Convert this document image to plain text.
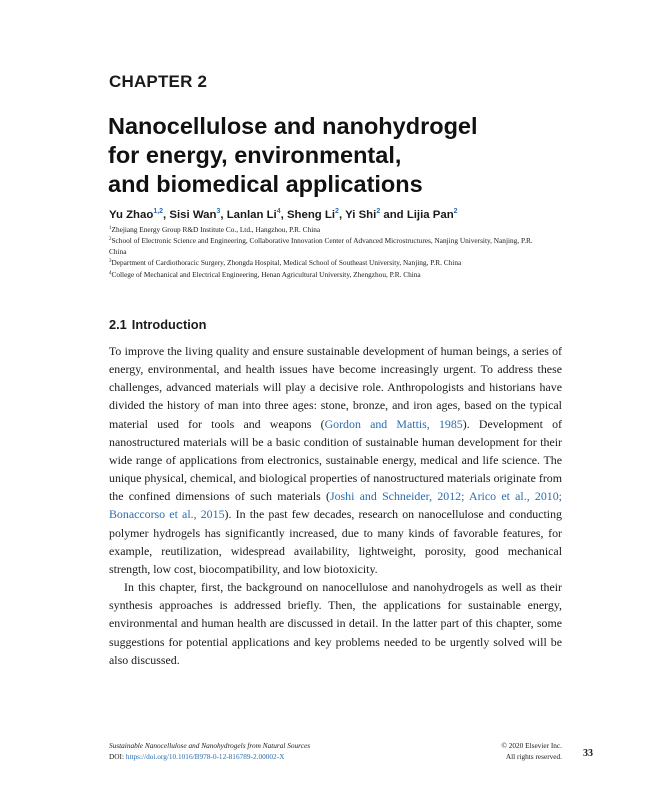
CHAPTER 2
Nanocellulose and nanohydrogel
for energy, environmental,
and biomedical applications
Yu Zhao$^{1,2}$, Sisi Wan$^3$, Lanlan Li$^4$, Sheng Li$^2$, Yi Shi$^2$ and Lijia Pan$^2$
$^1$Zhejiang Energy Group R&D Institute Co., Ltd., Hangzhou, P.R. China
$^2$School of Electronic Science and Engineering, Collaborative Innovation Center of Advanced Microstructures, Nanjing University, Nanjing, P.R. China
$^3$Department of Cardiothoracic Surgery, Zhongda Hospital, Medical School of Southeast University, Nanjing, P.R. China
$^4$College of Mechanical and Electrical Engineering, Henan Agricultural University, Zhengzhou, P.R. China
2.1 Introduction

To improve the living quality and ensure sustainable development of human beings, a series of energy, environmental, and health issues have become increasingly urgent. To address these challenges, advanced materials will play a decisive role. Anthropologists and historians have divided the history of man into three ages: stone, bronze, and iron ages, based on the typical material used for tools and weapons (Gordon and Mattis, 1985). Development of nanostructured materials will be a basic condition of sustainable human development for their wide range of applications from electronics, sustainable energy, medical and life science. The unique physical, chemical, and biological properties of nanostructured materials originate from the confined dimensions of such materials (Joshi and Schneider, 2012; Arico et al., 2010; Bonaccorso et al., 2015). In the past few decades, research on nanocellulose and conducting polymer hydrogels has significantly increased, due to many kinds of favorable features, for example, reutilization, widespread availability, lightweight, porosity, good mechanical strength, low cost, biocompatibility, and low biotoxicity.

In this chapter, first, the background on nanocellulose and nanohydrogels as well as their synthesis approaches is addressed briefly. Then, the applications for sustainable energy, environmental and human health are discussed in detail. In the latter part of this chapter, some suggestions for potential applications and key problems needed to be urgently solved will be also discussed.

Sustainable Nanocellulose and Nanohydrogels from Natural Sources
DOI: https://doi.org/10.1016/B978-0-12-816789-2.00002-X
© 2020 Elsevier Inc.
All rights reserved. 33
